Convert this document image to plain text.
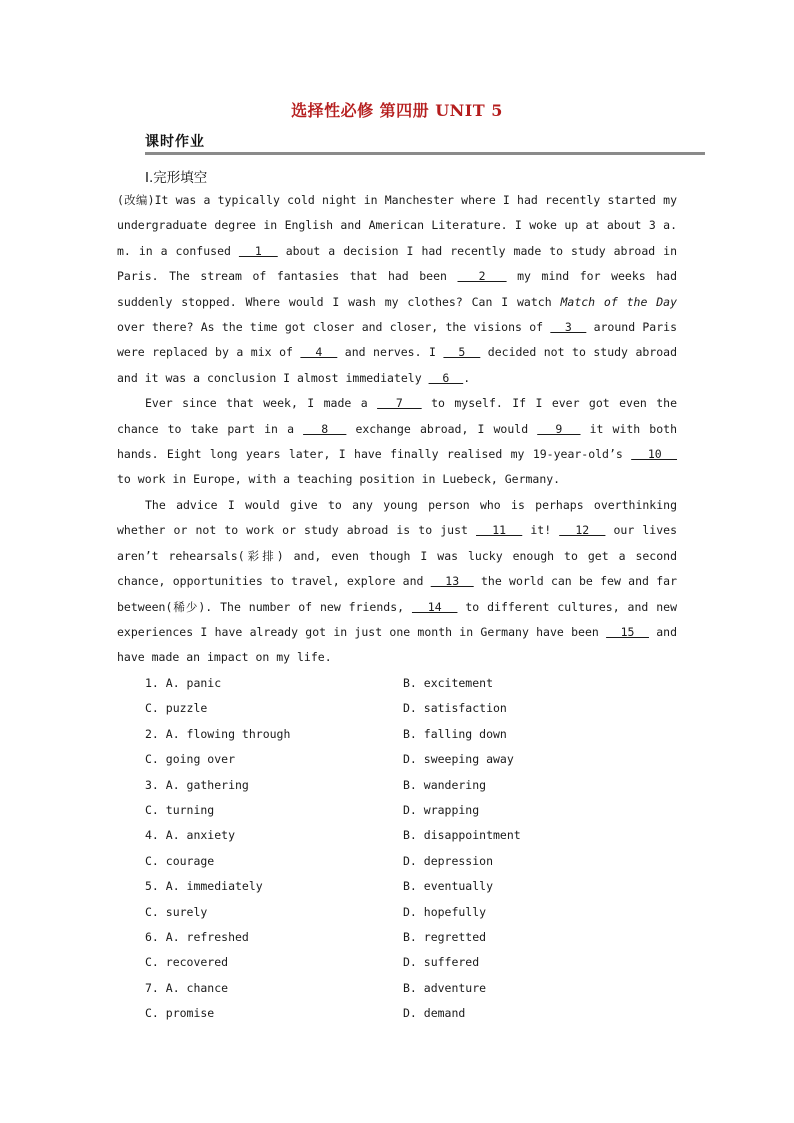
选择性必修 第四册 UNIT 5
课时作业
Ⅰ.完形填空

(改编)It was a typically cold night in Manchester where I had recently started my undergraduate degree in English and American Literature. I woke up at about 3 a. m. in a confused   1   about a decision I had recently made to study abroad in Paris. The stream of fantasies that had been   2   my mind for weeks had suddenly stopped. Where would I wash my clothes? Can I watch Match of the Day over there? As the time got closer and closer, the visions of   3   around Paris were replaced by a mix of   4   and nerves. I   5   decided not to study abroad and it was a conclusion I almost immediately   6  .

Ever since that week, I made a   7   to myself. If I ever got even the chance to take part in a   8   exchange abroad, I would   9   it with both hands. Eight long years later, I have finally realised my 19-year-old’s   10   to work in Europe, with a teaching position in Luebeck, Germany.

The advice I would give to any young person who is perhaps overthinking whether or not to work or study abroad is to just   11   it!   12   our lives aren’t rehearsals(彩排) and, even though I was lucky enough to get a second chance, opportunities to travel, explore and   13   the world can be few and far between(稀少). The number of new friends,   14   to different cultures, and new experiences I have already got in just one month in Germany have been   15   and have made an impact on my life.

1. A. panic	B. excitement
C. puzzle	D. satisfaction
2. A. flowing through	B. falling down
C. going over	D. sweeping away
3. A. gathering	B. wandering
C. turning	D. wrapping
4. A. anxiety	B. disappointment
C. courage	D. depression
5. A. immediately	B. eventually
C. surely	D. hopefully
6. A. refreshed	B. regretted
C. recovered	D. suffered
7. A. chance	B. adventure
C. promise	D. demand
